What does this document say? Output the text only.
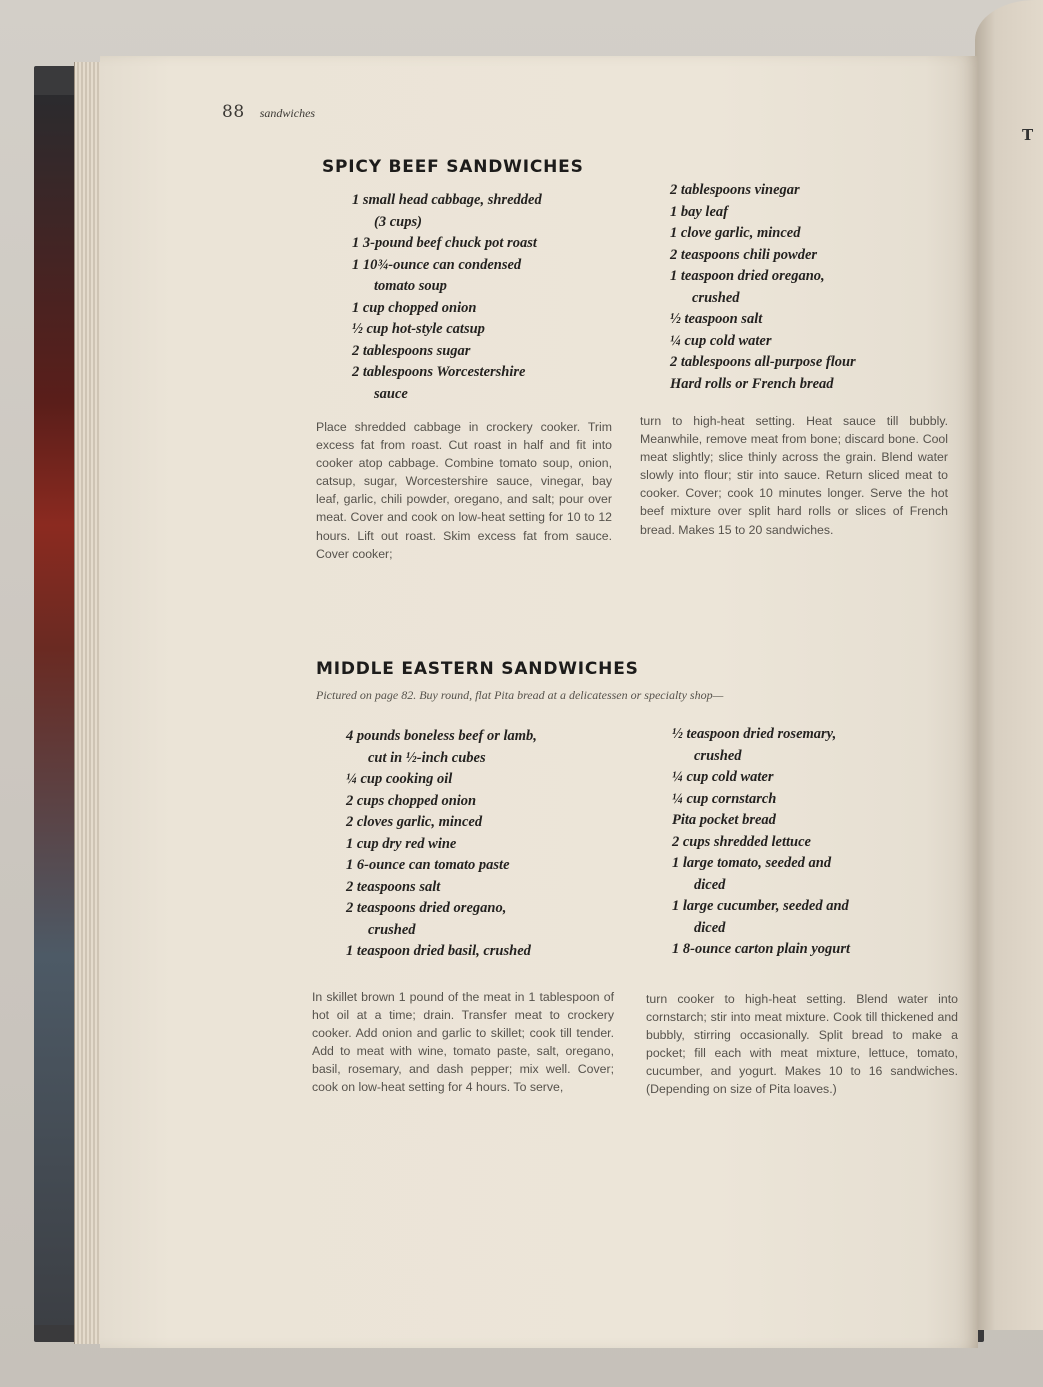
T
88 sandwiches
SPICY BEEF SANDWICHES
1 small head cabbage, shredded
(3 cups)
1 3-pound beef chuck pot roast
1 10¾-ounce can condensed
tomato soup
1 cup chopped onion
½ cup hot-style catsup
2 tablespoons sugar
2 tablespoons Worcestershire
sauce
2 tablespoons vinegar
1 bay leaf
1 clove garlic, minced
2 teaspoons chili powder
1 teaspoon dried oregano,
crushed
½ teaspoon salt
¼ cup cold water
2 tablespoons all-purpose flour
Hard rolls or French bread
Place shredded cabbage in crockery cooker. Trim excess fat from roast. Cut roast in half and fit into cooker atop cabbage. Combine tomato soup, onion, catsup, sugar, Worcestershire sauce, vinegar, bay leaf, garlic, chili powder, oregano, and salt; pour over meat. Cover and cook on low-heat setting for 10 to 12 hours. Lift out roast. Skim excess fat from sauce. Cover cooker;
turn to high-heat setting. Heat sauce till bubbly. Meanwhile, remove meat from bone; discard bone. Cool meat slightly; slice thinly across the grain. Blend water slowly into flour; stir into sauce. Return sliced meat to cooker. Cover; cook 10 minutes longer. Serve the hot beef mixture over split hard rolls or slices of French bread. Makes 15 to 20 sandwiches.
MIDDLE EASTERN SANDWICHES
Pictured on page 82. Buy round, flat Pita bread at a delicatessen or specialty shop—
4 pounds boneless beef or lamb,
cut in ½-inch cubes
¼ cup cooking oil
2 cups chopped onion
2 cloves garlic, minced
1 cup dry red wine
1 6-ounce can tomato paste
2 teaspoons salt
2 teaspoons dried oregano,
crushed
1 teaspoon dried basil, crushed
½ teaspoon dried rosemary,
crushed
¼ cup cold water
¼ cup cornstarch
Pita pocket bread
2 cups shredded lettuce
1 large tomato, seeded and
diced
1 large cucumber, seeded and
diced
1 8-ounce carton plain yogurt
In skillet brown 1 pound of the meat in 1 tablespoon of hot oil at a time; drain. Transfer meat to crockery cooker. Add onion and garlic to skillet; cook till tender. Add to meat with wine, tomato paste, salt, oregano, basil, rosemary, and dash pepper; mix well. Cover; cook on low-heat setting for 4 hours. To serve,
turn cooker to high-heat setting. Blend water into cornstarch; stir into meat mixture. Cook till thickened and bubbly, stirring occasionally. Split bread to make a pocket; fill each with meat mixture, lettuce, tomato, cucumber, and yogurt. Makes 10 to 16 sandwiches. (Depending on size of Pita loaves.)
